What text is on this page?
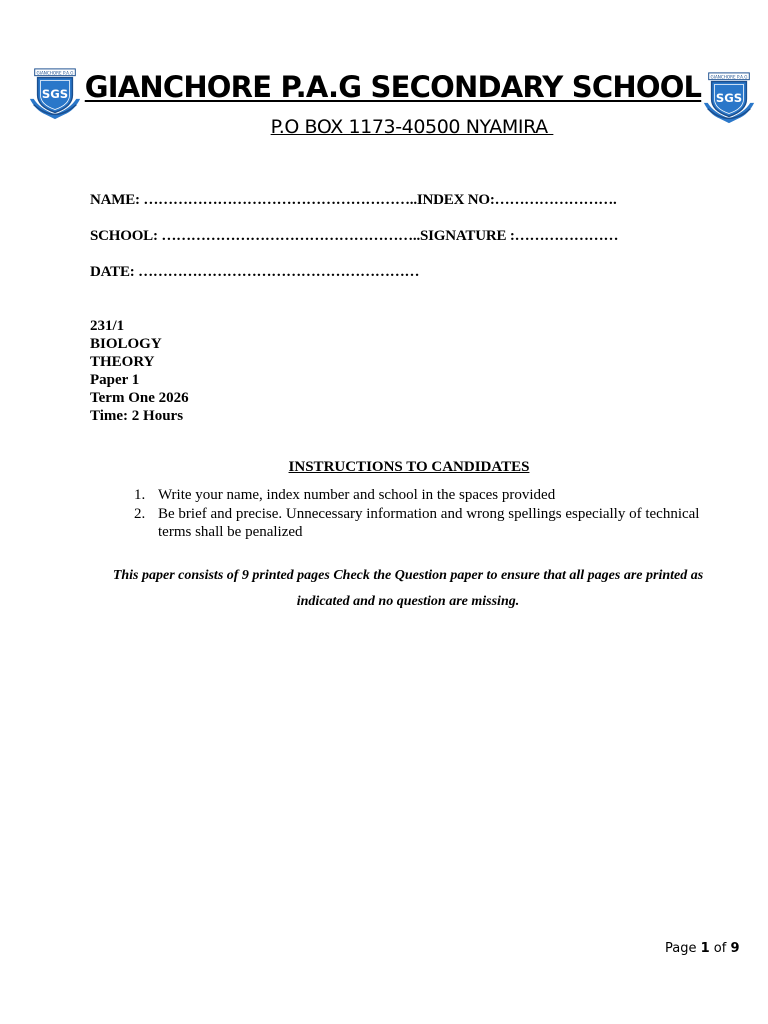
GIANCHORE P.A.G
SGS GIANCHORE P.A.G SECONDARY SCHOOL	GIANCHORE P.A.G
SGS
P.O BOX 1173-40500 NYAMIRA
NAME: ………………………………………………..INDEX NO:…………………….
SCHOOL: ……………………………………………..SIGNATURE :…………………
DATE: …………………………………………………
231/1
BIOLOGY
THEORY
Paper 1
Term One 2026
Time: 2 Hours
INSTRUCTIONS TO CANDIDATES
1. Write your name, index number and school in the spaces provided
2. Be brief and precise. Unnecessary information and wrong spellings especially of technical terms shall be penalized
This paper consists of 9 printed pages Check the Question paper to ensure that all pages are printed as indicated and no question are missing.
Page 1 of 9
